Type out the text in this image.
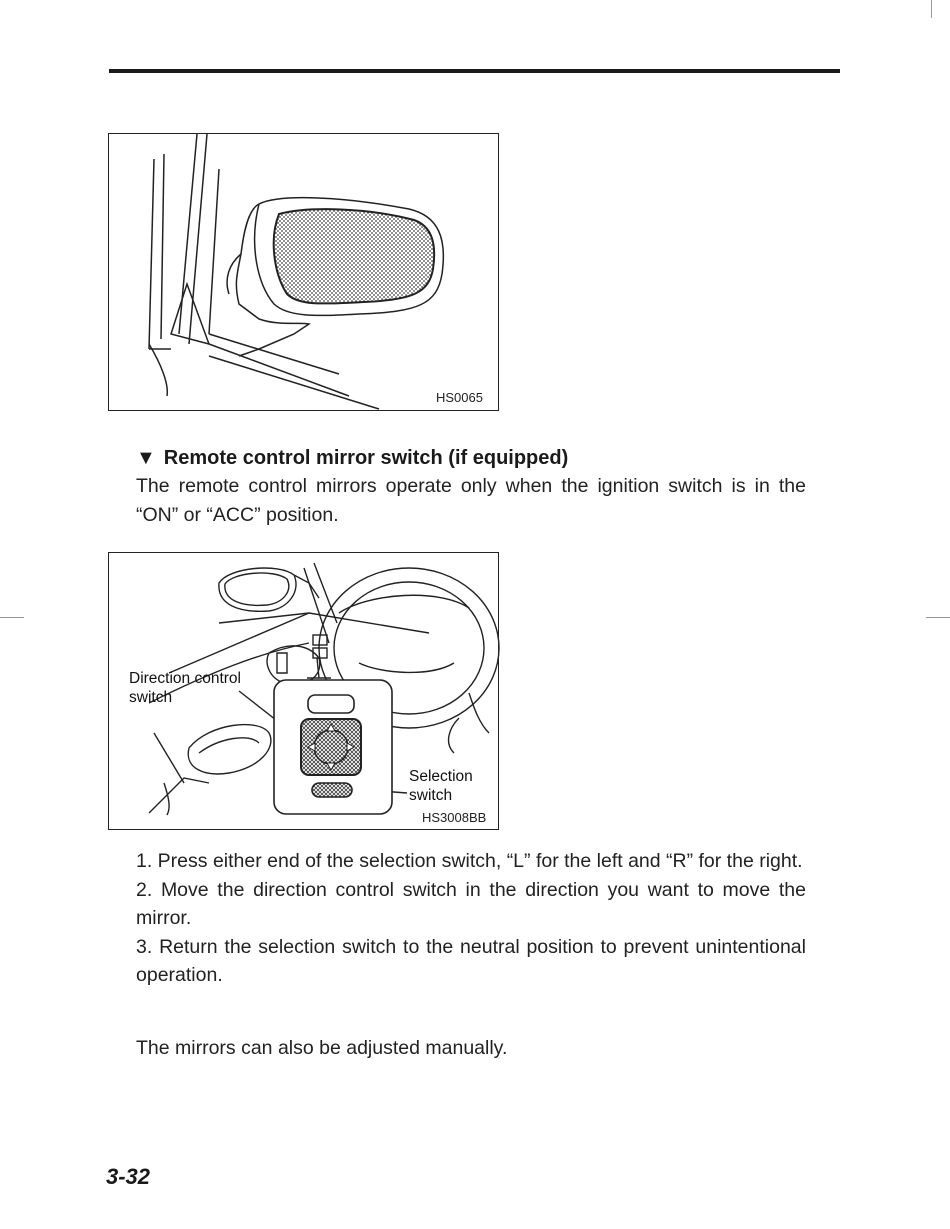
HS0065
▼ Remote control mirror switch (if equipped)
The remote control mirrors operate only when the ignition switch is in the “ON” or “ACC” position.
Direction control
switch
Selection
switch
HS3008BB

1. Press either end of the selection switch, “L” for the left and “R” for the right.

2. Move the direction control switch in the direction you want to move the mirror.

3. Return the selection switch to the neutral position to prevent unintentional operation.

The mirrors can also be adjusted manually.
3-32
